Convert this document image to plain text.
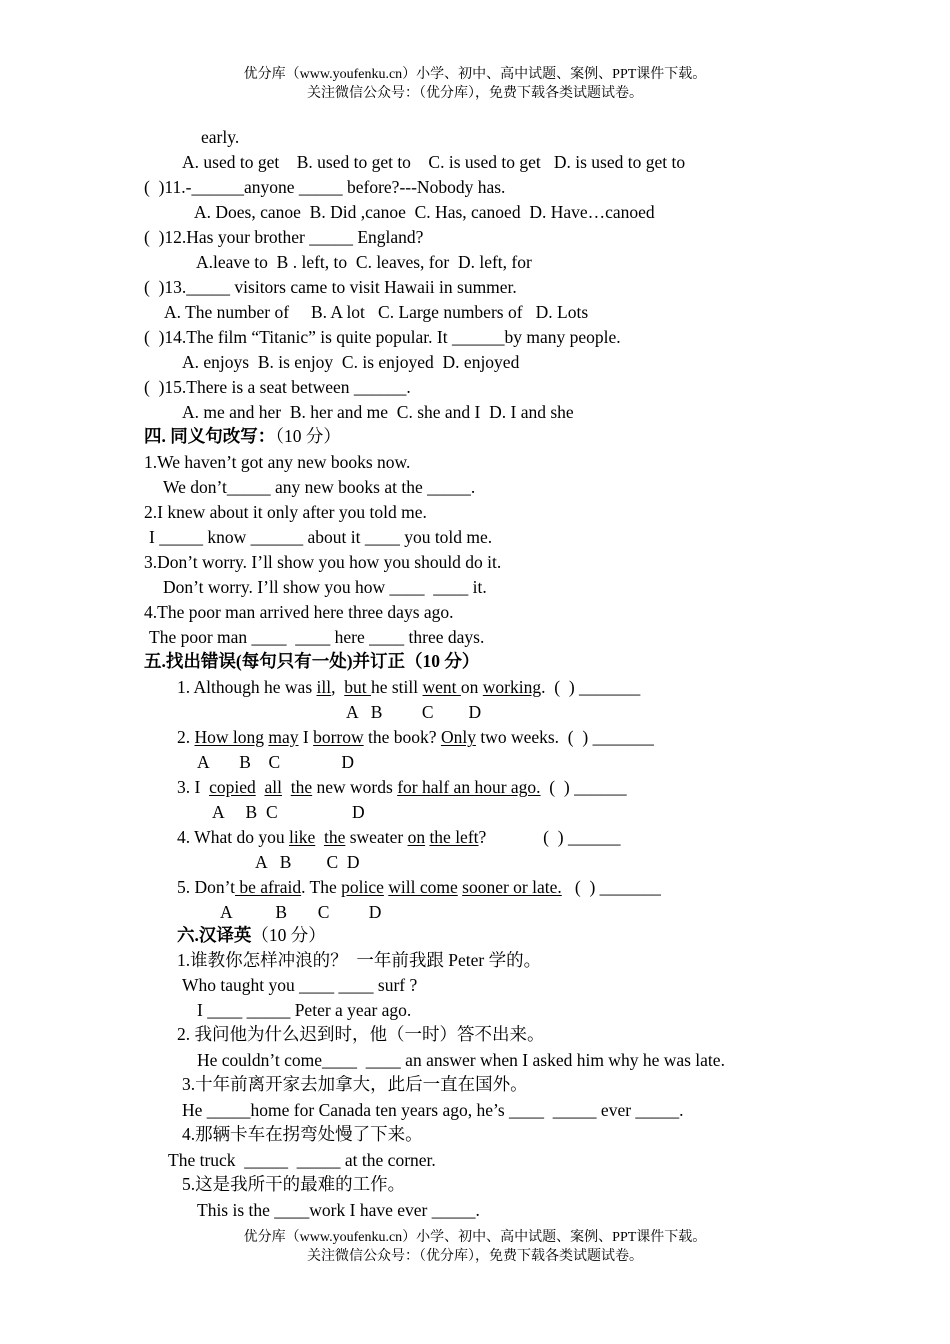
优分库（www.youfenku.cn）小学、初中、高中试题、案例、PPT课件下载。
关注微信公众号：（优分库），免费下载各类试题试卷。
early.
A. used to get    B. used to get to    C. is used to get   D. is used to get to
(  )11.-______anyone _____ before?---Nobody has.
A. Does, canoe  B. Did ,canoe  C. Has, canoed  D. Have…canoed
(  )12.Has your brother _____ England?
A.leave to  B . left, to  C. leaves, for  D. left, for
(  )13._____ visitors came to visit Hawaii in summer.
A. The number of     B. A lot   C. Large numbers of   D. Lots
(  )14.The film “Titanic” is quite popular. It ______by many people.
A. enjoys  B. is enjoy  C. is enjoyed  D. enjoyed
(  )15.There is a seat between ______.
A. me and her  B. her and me  C. she and I  D. I and she
四. 同义句改写：（10 分）
1.We haven’t got any new books now.
We don’t_____ any new books at the _____.
2.I knew about it only after you told me.
I _____ know ______ about it ____ you told me.
3.Don’t worry. I’ll show you how you should do it.
Don’t worry. I’ll show you how ____  ____ it.
4.The poor man arrived here three days ago.
The poor man ____  ____ here ____ three days.
五.找出错误(每句只有一处)并订正（10 分）
1. Although he was ill,  but he still went on working.  (  ) _______
A   B         C        D
2. How long may I borrow the book? Only two weeks.  (  ) _______
A       B    C              D
3. I  copied all the new words for half an hour ago.  (  ) ______
A     B  C                 D
4. What do you like the sweater on the left?             (  ) ______
A   B        C  D
5. Don’t be afraid. The police will come sooner or late.   (  ) _______
A          B       C         D
六.汉译英（10 分）
1.谁教你怎样冲浪的？  一年前我跟 Peter 学的。
Who taught you ____ ____ surf ?
I ____ _____ Peter a year ago.
2. 我问他为什么迟到时，他（一时）答不出来。
He couldn’t come____  ____ an answer when I asked him why he was late.
3.十年前离开家去加拿大，此后一直在国外。
He _____home for Canada ten years ago, he’s ____  _____ ever _____.
4.那辆卡车在拐弯处慢了下来。
The truck  _____  _____ at the corner.
5.这是我所干的最难的工作。
This is the ____work I have ever _____.
优分库（www.youfenku.cn）小学、初中、高中试题、案例、PPT课件下载。
关注微信公众号：（优分库），免费下载各类试题试卷。
